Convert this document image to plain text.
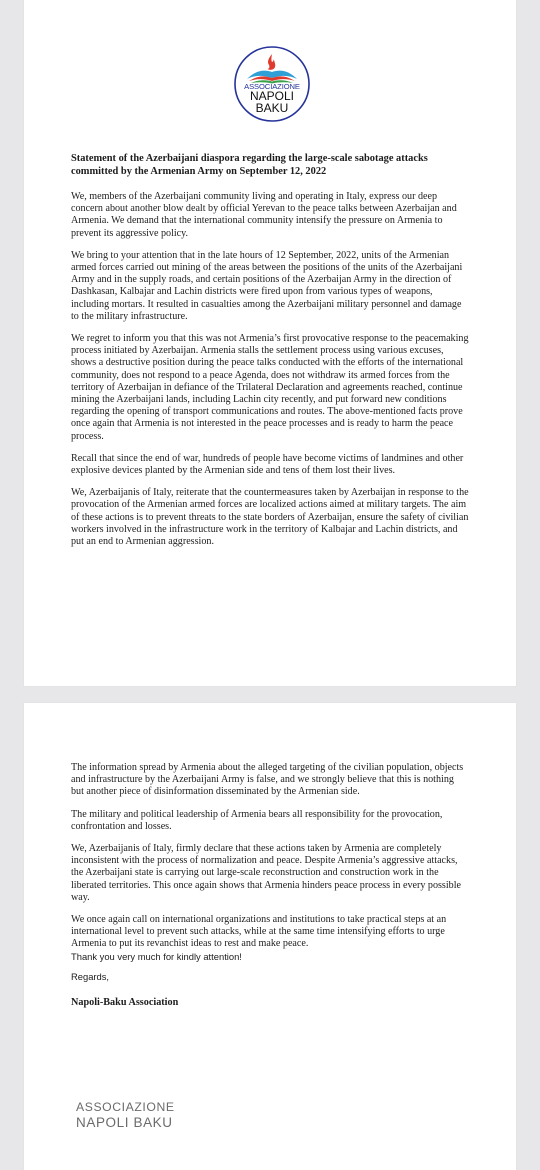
ASSOCIAZIONE
NAPOLI
BAKU
Statement of the Azerbaijani diaspora regarding the large-scale sabotage attacks committed by the Armenian Army on September 12, 2022

We, members of the Azerbaijani community living and operating in Italy, express our deep concern about another blow dealt by official Yerevan to the peace talks between Azerbaijan and Armenia. We demand that the international community intensify the pressure on Armenia to prevent its aggressive policy.

We bring to your attention that in the late hours of 12 September, 2022, units of the Armenian armed forces carried out mining of the areas between the positions of the units of the Azerbaijani Army and in the supply roads, and certain positions of the Azerbaijan Army in the direction of Dashkasan, Kalbajar and Lachin districts were fired upon from various types of weapons, including mortars. It resulted in casualties among the Azerbaijani military personnel and damage to the military infrastructure.

We regret to inform you that this was not Armenia’s first provocative response to the peacemaking process initiated by Azerbaijan. Armenia stalls the settlement process using various excuses, shows a destructive position during the peace talks conducted with the efforts of the international community, does not respond to a peace Agenda, does not withdraw its armed forces from the territory of Azerbaijan in defiance of the Trilateral Declaration and agreements reached, continue mining the Azerbaijani lands, including Lachin city recently, and put forward new conditions regarding the opening of transport communications and routes. The above-mentioned facts prove once again that Armenia is not interested in the peace processes and is ready to harm the peace process.

Recall that since the end of war, hundreds of people have become victims of landmines and other explosive devices planted by the Armenian side and tens of them lost their lives.

We, Azerbaijanis of Italy, reiterate that the countermeasures taken by Azerbaijan in response to the provocation of the Armenian armed forces are localized actions aimed at military targets. The aim of these actions is to prevent threats to the state borders of Azerbaijan, ensure the safety of civilian workers involved in the infrastructure work in the territory of Kalbajar and Lachin districts, and put an end to Armenian aggression.

The information spread by Armenia about the alleged targeting of the civilian population, objects and infrastructure by the Azerbaijani Army is false, and we strongly believe that this is nothing but another piece of disinformation disseminated by the Armenian side.

The military and political leadership of Armenia bears all responsibility for the provocation, confrontation and losses.

We, Azerbaijanis of Italy, firmly declare that these actions taken by Armenia are completely inconsistent with the process of normalization and peace. Despite Armenia’s aggressive attacks, the Azerbaijani state is carrying out large-scale reconstruction and construction work in the liberated territories. This once again shows that Armenia hinders peace process in every possible way.

We once again call on international organizations and institutions to take practical steps at an international level to prevent such attacks, while at the same time intensifying efforts to urge Armenia to put its revanchist ideas to rest and make peace.

Thank you very much for kindly attention!

Regards,

Napoli-Baku Association

ASSOCIAZIONE
NAPOLI BAKU
